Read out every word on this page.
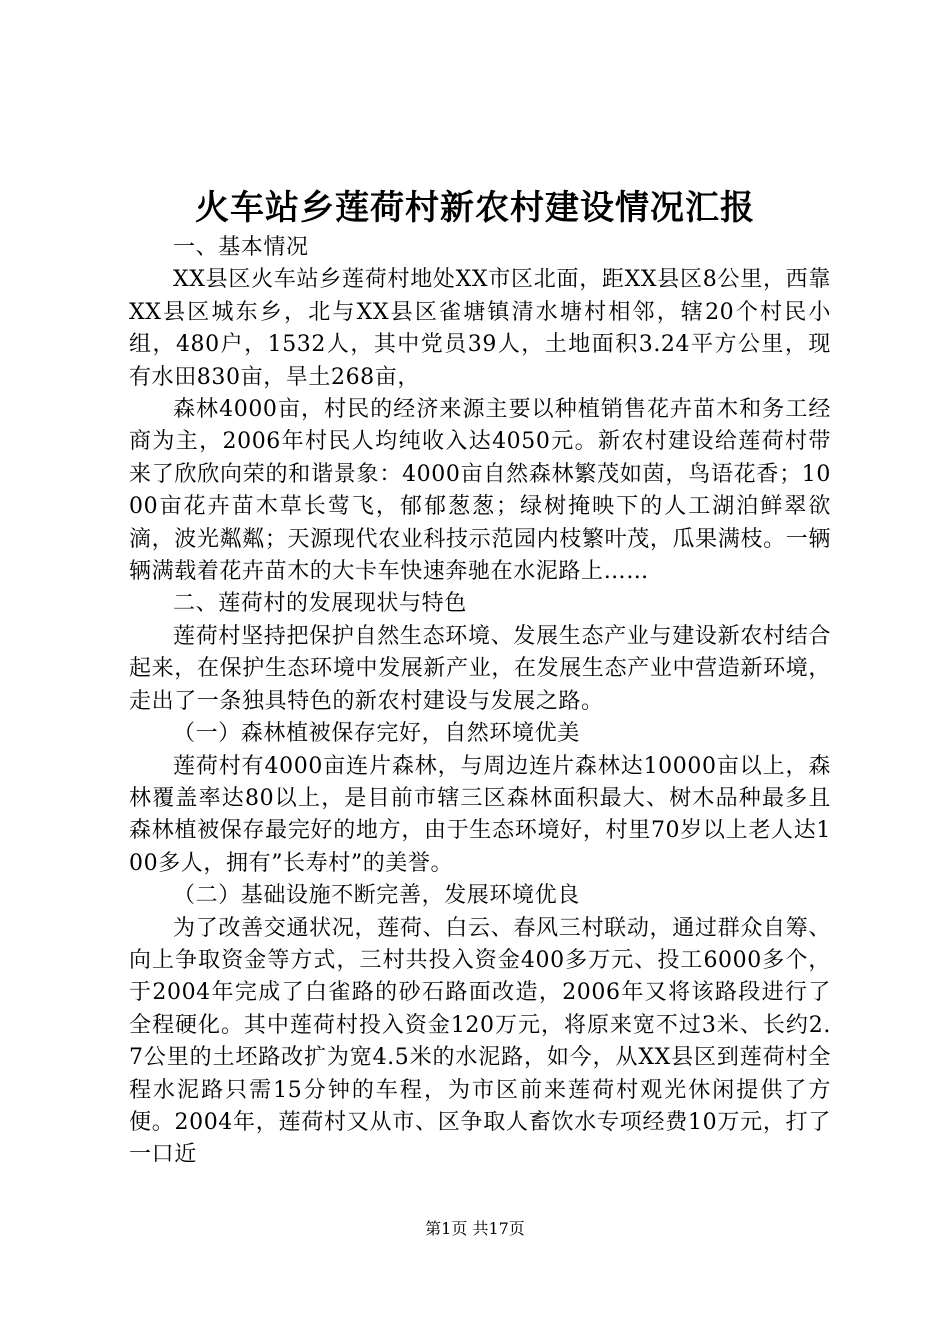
火车站乡莲荷村新农村建设情况汇报

一、基本情况

XX县区火车站乡莲荷村地处XX市区北面，距XX县区8公里，西靠XX县区城东乡，北与XX县区雀塘镇清水塘村相邻，辖20个村民小组，480户，1532人，其中党员39人，土地面积3.24平方公里，现有水田830亩，旱土268亩，

森林4000亩，村民的经济来源主要以种植销售花卉苗木和务工经商为主，2006年村民人均纯收入达4050元。新农村建设给莲荷村带来了欣欣向荣的和谐景象：4000亩自然森林繁茂如茵，鸟语花香；1000亩花卉苗木草长莺飞，郁郁葱葱；绿树掩映下的人工湖泊鲜翠欲滴，波光粼粼；天源现代农业科技示范园内枝繁叶茂，瓜果满枝。一辆辆满载着花卉苗木的大卡车快速奔驰在水泥路上……

二、莲荷村的发展现状与特色

莲荷村坚持把保护自然生态环境、发展生态产业与建设新农村结合起来，在保护生态环境中发展新产业，在发展生态产业中营造新环境，走出了一条独具特色的新农村建设与发展之路。

（一）森林植被保存完好，自然环境优美

莲荷村有4000亩连片森林，与周边连片森林达10000亩以上，森林覆盖率达80以上，是目前市辖三区森林面积最大、树木品种最多且森林植被保存最完好的地方，由于生态环境好，村里70岁以上老人达100多人，拥有”长寿村”的美誉。

（二）基础设施不断完善，发展环境优良

为了改善交通状况，莲荷、白云、春风三村联动，通过群众自筹、向上争取资金等方式，三村共投入资金400多万元、投工6000多个，于2004年完成了白雀路的砂石路面改造，2006年又将该路段进行了全程硬化。其中莲荷村投入资金120万元，将原来宽不过3米、长约2.7公里的土坯路改扩为宽4.5米的水泥路，如今，从XX县区到莲荷村全程水泥路只需15分钟的车程，为市区前来莲荷村观光休闲提供了方便。2004年，莲荷村又从市、区争取人畜饮水专项经费10万元，打了一口近

第1页 共17页
